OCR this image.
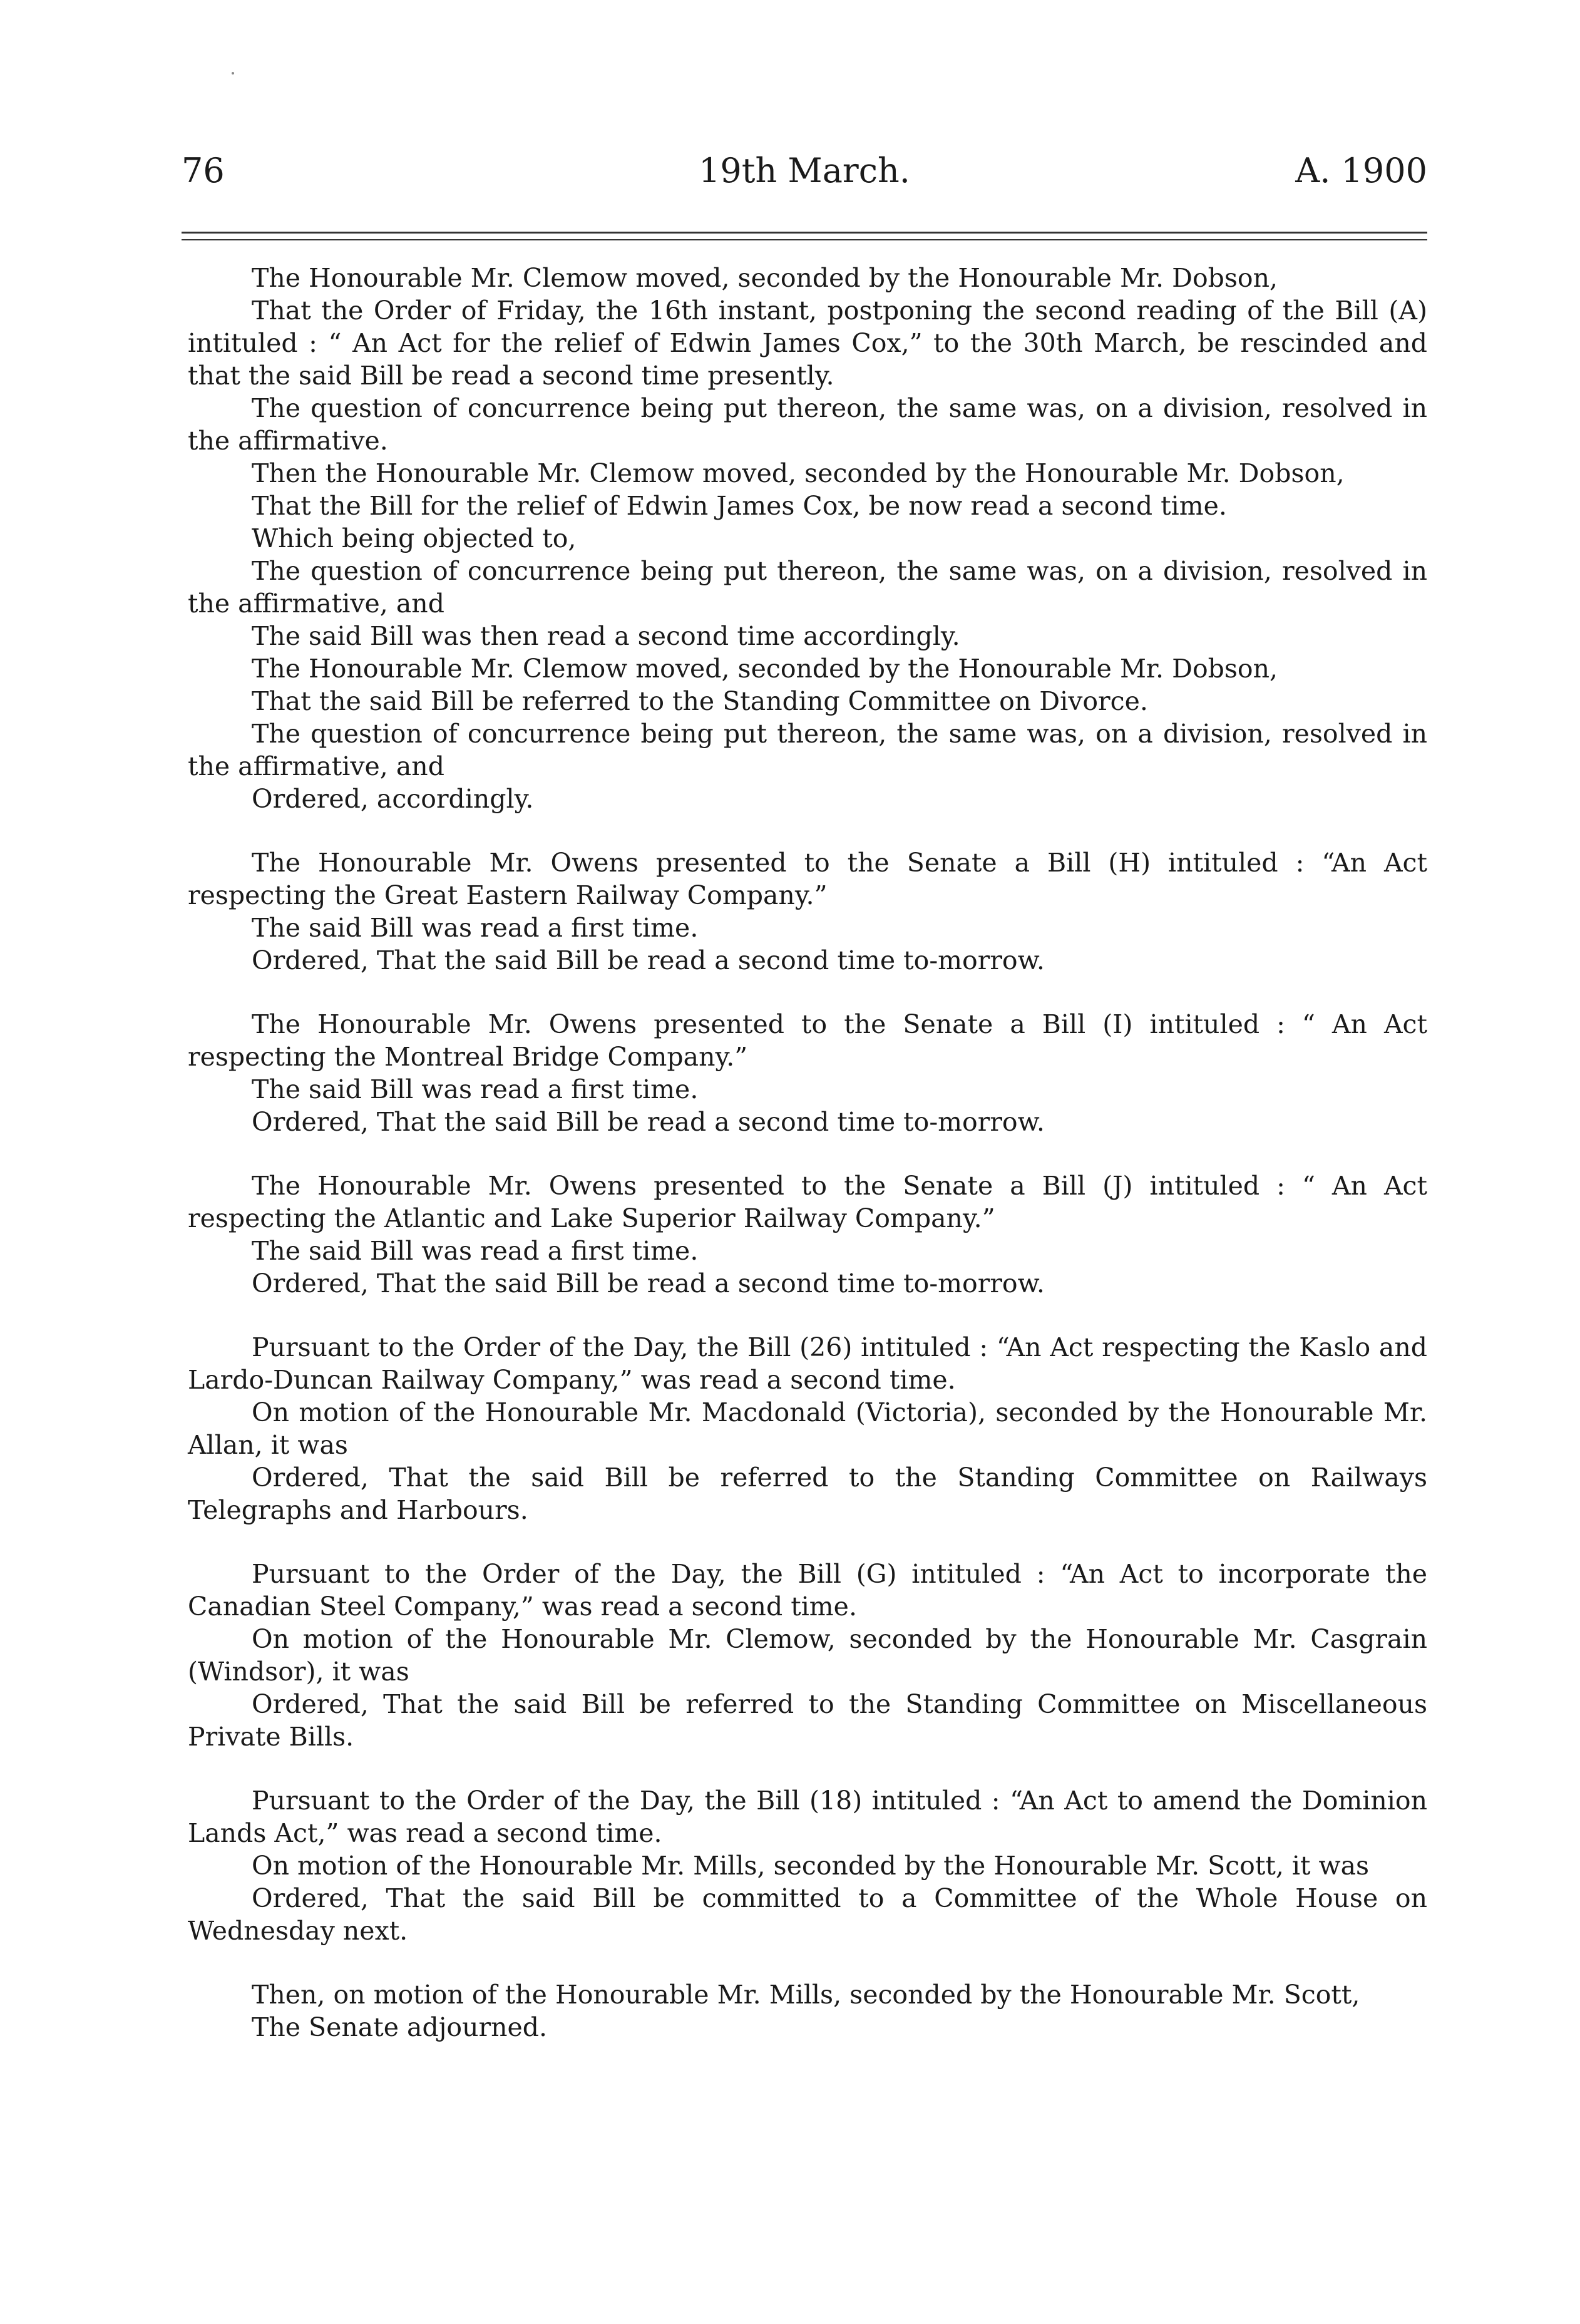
76	19th March.	A. 1900

The Honourable Mr. Clemow moved, seconded by the Honourable Mr. Dobson,

That the Order of Friday, the 16th instant, postponing the second reading of the Bill (A) intituled : “ An Act for the relief of Edwin James Cox,” to the 30th March, be rescinded and that the said Bill be read a second time presently.

The question of concurrence being put thereon, the same was, on a division, resolved in the affirmative.

Then the Honourable Mr. Clemow moved, seconded by the Honourable Mr. Dobson,

That the Bill for the relief of Edwin James Cox, be now read a second time.

Which being objected to,

The question of concurrence being put thereon, the same was, on a division, resolved in the affirmative, and

The said Bill was then read a second time accordingly.

The Honourable Mr. Clemow moved, seconded by the Honourable Mr. Dobson,

That the said Bill be referred to the Standing Committee on Divorce.

The question of concurrence being put thereon, the same was, on a division, resolved in the affirmative, and

Ordered, accordingly.

The Honourable Mr. Owens presented to the Senate a Bill (H) intituled : “An Act respecting the Great Eastern Railway Company.”

The said Bill was read a first time.

Ordered, That the said Bill be read a second time to-morrow.

The Honourable Mr. Owens presented to the Senate a Bill (I) intituled : “ An Act respecting the Montreal Bridge Company.”

The said Bill was read a first time.

Ordered, That the said Bill be read a second time to-morrow.

The Honourable Mr. Owens presented to the Senate a Bill (J) intituled : “ An Act respecting the Atlantic and Lake Superior Railway Company.”

The said Bill was read a first time.

Ordered, That the said Bill be read a second time to-morrow.

Pursuant to the Order of the Day, the Bill (26) intituled : “An Act respecting the Kaslo and Lardo-Duncan Railway Company,” was read a second time.

On motion of the Honourable Mr. Macdonald (Victoria), seconded by the Honourable Mr. Allan, it was

Ordered, That the said Bill be referred to the Standing Committee on Railways Telegraphs and Harbours.

Pursuant to the Order of the Day, the Bill (G) intituled : “An Act to incorporate the Canadian Steel Company,” was read a second time.

On motion of the Honourable Mr. Clemow, seconded by the Honourable Mr. Casgrain (Windsor), it was

Ordered, That the said Bill be referred to the Standing Committee on Miscellaneous Private Bills.

Pursuant to the Order of the Day, the Bill (18) intituled : “An Act to amend the Dominion Lands Act,” was read a second time.

On motion of the Honourable Mr. Mills, seconded by the Honourable Mr. Scott, it was

Ordered, That the said Bill be committed to a Committee of the Whole House on Wednesday next.

Then, on motion of the Honourable Mr. Mills, seconded by the Honourable Mr. Scott,

The Senate adjourned.
